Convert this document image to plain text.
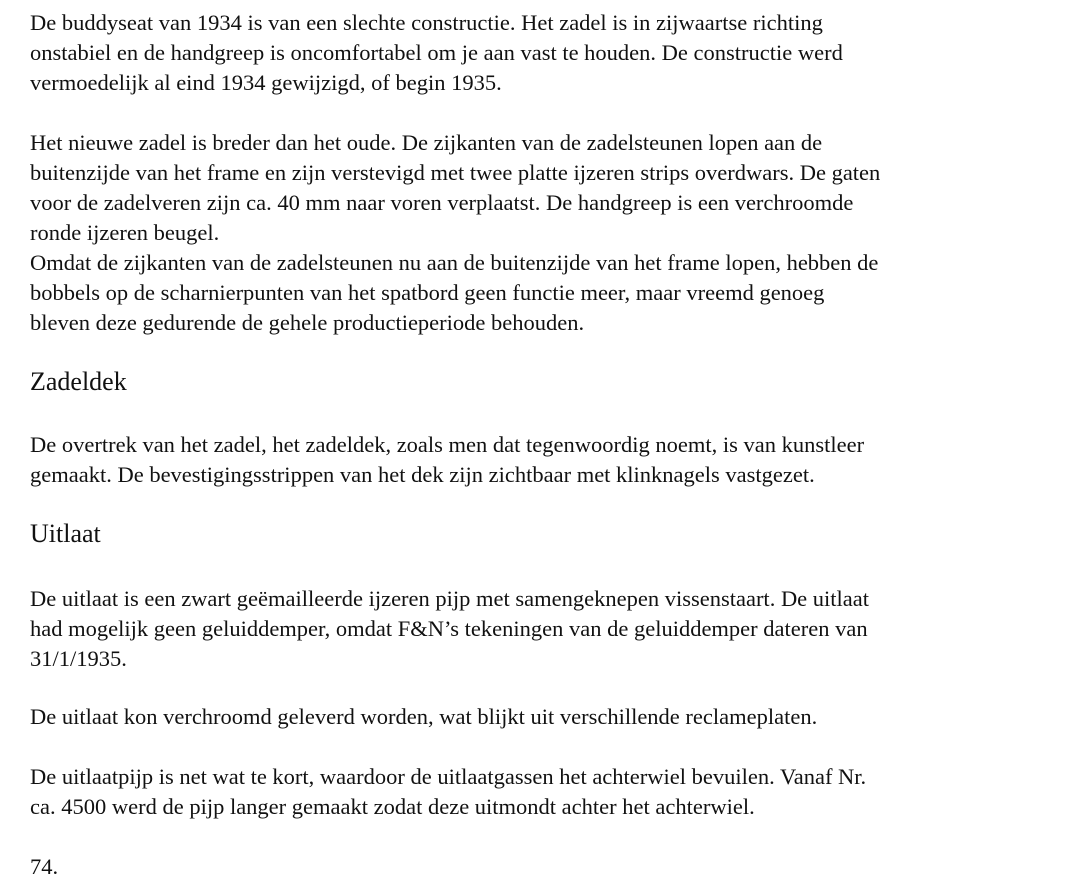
De buddyseat van 1934 is van een slechte constructie. Het zadel is in zijwaartse richting
onstabiel en de handgreep is oncomfortabel om je aan vast te houden. De constructie werd
vermoedelijk al eind 1934 gewijzigd, of begin 1935.

Het nieuwe zadel is breder dan het oude. De zijkanten van de zadelsteunen lopen aan de
buitenzijde van het frame en zijn verstevigd met twee platte ijzeren strips overdwars. De gaten
voor de zadelveren zijn ca. 40 mm naar voren verplaatst. De handgreep is een verchroomde
ronde ijzeren beugel.
Omdat de zijkanten van de zadelsteunen nu aan de buitenzijde van het frame lopen, hebben de
bobbels op de scharnierpunten van het spatbord geen functie meer, maar vreemd genoeg
bleven deze gedurende de gehele productieperiode behouden.

Zadeldek

De overtrek van het zadel, het zadeldek, zoals men dat tegenwoordig noemt, is van kunstleer
gemaakt. De bevestigingsstrippen van het dek zijn zichtbaar met klinknagels vastgezet.

Uitlaat

De uitlaat is een zwart geëmailleerde ijzeren pijp met samengeknepen vissenstaart. De uitlaat
had mogelijk geen geluiddemper, omdat F&N’s tekeningen van de geluiddemper dateren van
31/1/1935.

De uitlaat kon verchroomd geleverd worden, wat blijkt uit verschillende reclameplaten.

De uitlaatpijp is net wat te kort, waardoor de uitlaatgassen het achterwiel bevuilen. Vanaf Nr.
ca. 4500 werd de pijp langer gemaakt zodat deze uitmondt achter het achterwiel.

74.
